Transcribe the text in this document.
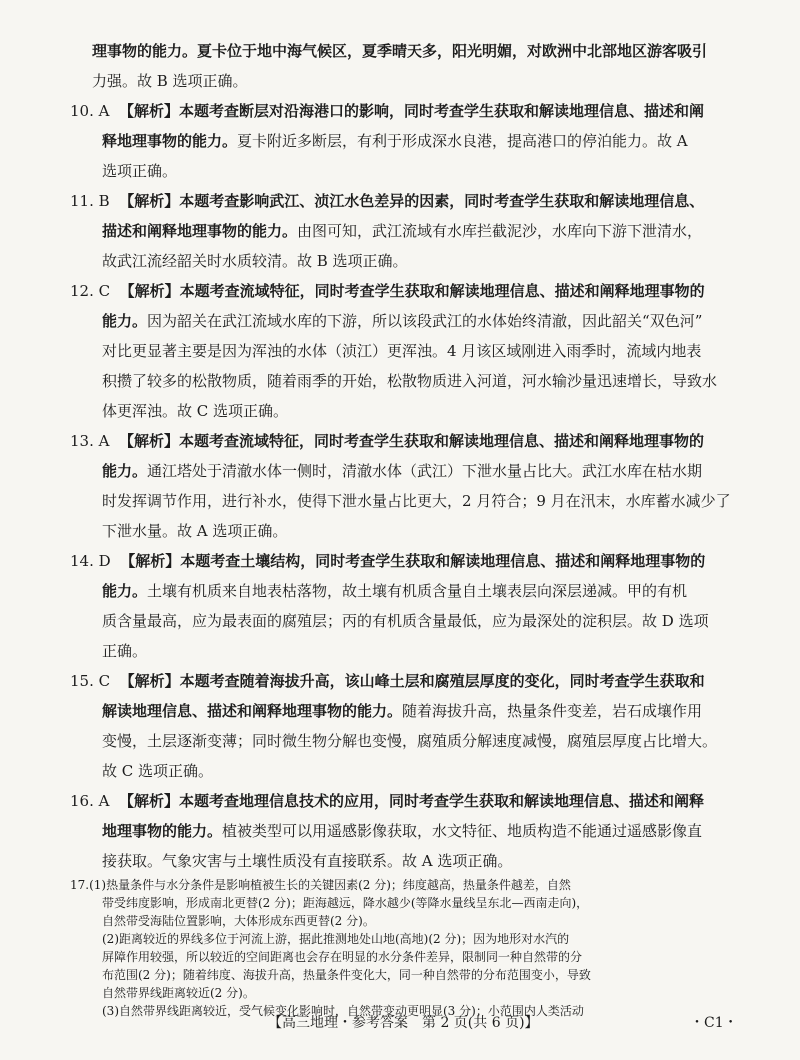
理事物的能力。夏卡位于地中海气候区，夏季晴天多，阳光明媚，对欧洲中北部地区游客吸引
力强。故 B 选项正确。
10. A 【解析】本题考查断层对沿海港口的影响，同时考查学生获取和解读地理信息、描述和阐
释地理事物的能力。夏卡附近多断层，有利于形成深水良港，提高港口的停泊能力。故 A
选项正确。
11. B 【解析】本题考查影响武江、浈江水色差异的因素，同时考查学生获取和解读地理信息、
描述和阐释地理事物的能力。由图可知，武江流域有水库拦截泥沙，水库向下游下泄清水，
故武江流经韶关时水质较清。故 B 选项正确。
12. C 【解析】本题考查流域特征，同时考查学生获取和解读地理信息、描述和阐释地理事物的
能力。因为韶关在武江流域水库的下游，所以该段武江的水体始终清澈，因此韶关“双色河”
对比更显著主要是因为浑浊的水体（浈江）更浑浊。4 月该区域刚进入雨季时，流域内地表
积攒了较多的松散物质，随着雨季的开始，松散物质进入河道，河水输沙量迅速增长，导致水
体更浑浊。故 C 选项正确。
13. A 【解析】本题考查流域特征，同时考查学生获取和解读地理信息、描述和阐释地理事物的
能力。通江塔处于清澈水体一侧时，清澈水体（武江）下泄水量占比大。武江水库在枯水期
时发挥调节作用，进行补水，使得下泄水量占比更大，2 月符合；9 月在汛末，水库蓄水减少了
下泄水量。故 A 选项正确。
14. D 【解析】本题考查土壤结构，同时考查学生获取和解读地理信息、描述和阐释地理事物的
能力。土壤有机质来自地表枯落物，故土壤有机质含量自土壤表层向深层递减。甲的有机
质含量最高，应为最表面的腐殖层；丙的有机质含量最低，应为最深处的淀积层。故 D 选项
正确。
15. C 【解析】本题考查随着海拔升高，该山峰土层和腐殖层厚度的变化，同时考查学生获取和
解读地理信息、描述和阐释地理事物的能力。随着海拔升高，热量条件变差，岩石成壤作用
变慢，土层逐渐变薄；同时微生物分解也变慢，腐殖质分解速度减慢，腐殖层厚度占比增大。
故 C 选项正确。
16. A 【解析】本题考查地理信息技术的应用，同时考查学生获取和解读地理信息、描述和阐释
地理事物的能力。植被类型可以用遥感影像获取，水文特征、地质构造不能通过遥感影像直
接获取。气象灾害与土壤性质没有直接联系。故 A 选项正确。
17.(1)热量条件与水分条件是影响植被生长的关键因素(2 分)；纬度越高，热量条件越差，自然
带受纬度影响，形成南北更替(2 分)；距海越远，降水越少(等降水量线呈东北—西南走向)，
自然带受海陆位置影响，大体形成东西更替(2 分)。
(2)距离较近的界线多位于河流上游，据此推测地处山地(高地)(2 分)；因为地形对水汽的
屏障作用较强，所以较近的空间距离也会存在明显的水分条件差异，限制同一种自然带的分
布范围(2 分)；随着纬度、海拔升高，热量条件变化大，同一种自然带的分布范围变小，导致
自然带界线距离较近(2 分)。
(3)自然带界线距离较近，受气候变化影响时，自然带变动更明显(3 分)；小范围内人类活动
【高三地理・参考答案　第 2 页(共 6 页)】	・C1・
